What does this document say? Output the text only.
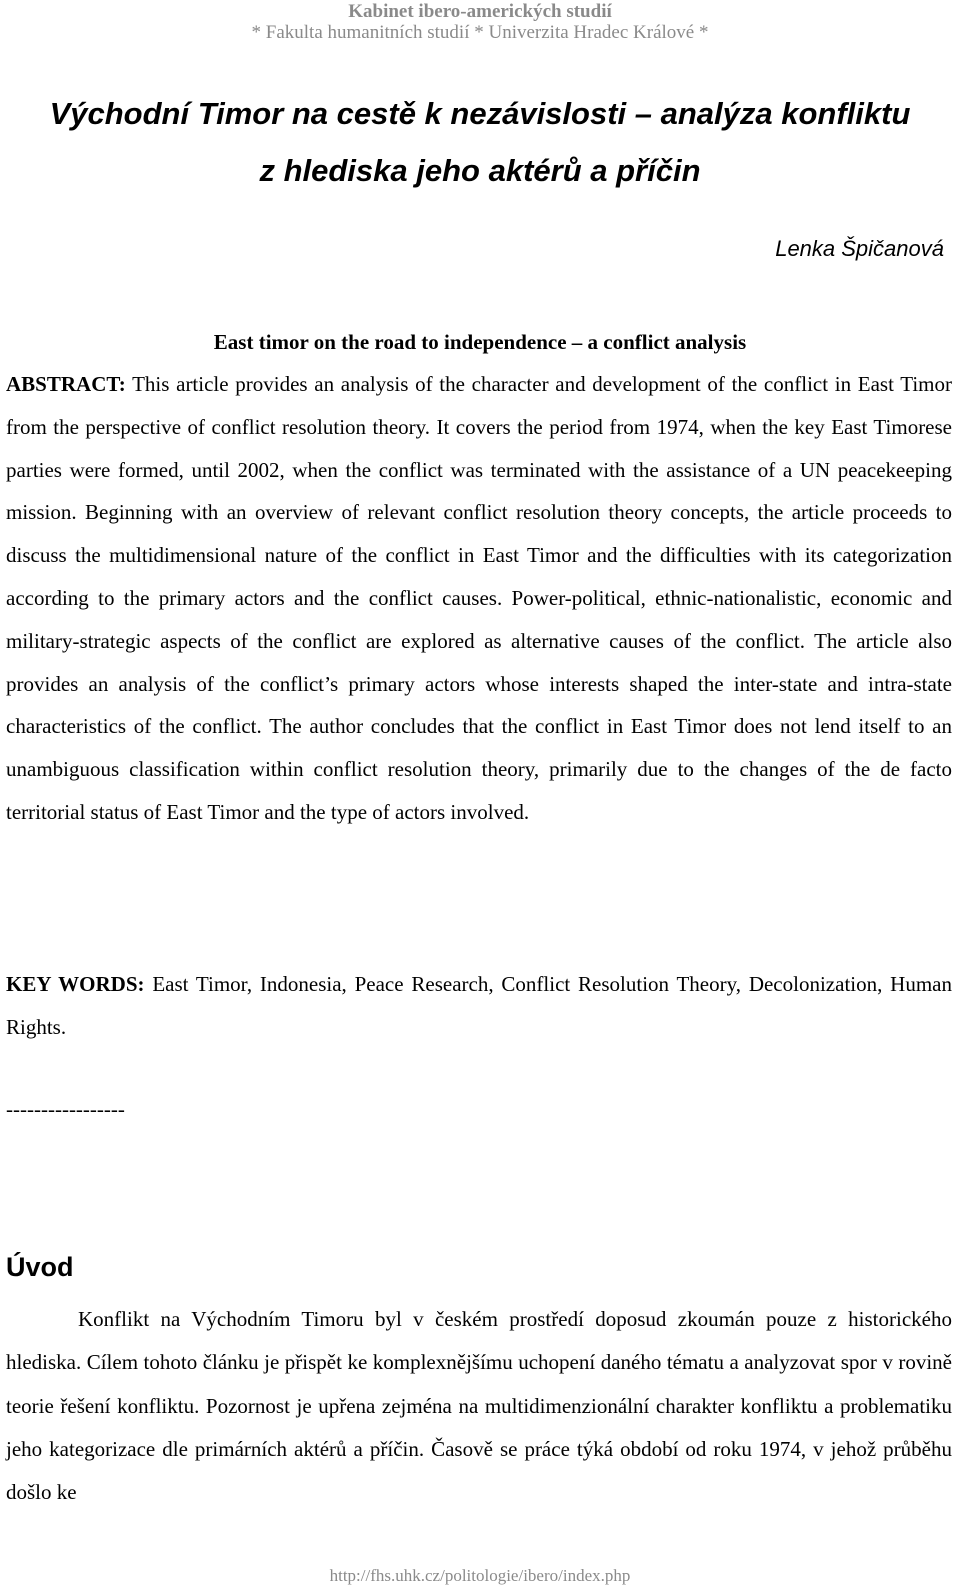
Kabinet ibero-amerických studií
* Fakulta humanitních studií * Univerzita Hradec Králové *
Východní Timor na cestě k nezávislosti – analýza konfliktu
z hlediska jeho aktérů a příčin
Lenka Špičanová
East timor on the road to independence – a conflict analysis
ABSTRACT: This article provides an analysis of the character and development of the conflict in East Timor from the perspective of conflict resolution theory. It covers the period from 1974, when the key East Timorese parties were formed, until 2002, when the conflict was terminated with the assistance of a UN peacekeeping mission. Beginning with an overview of relevant conflict resolution theory concepts, the article proceeds to discuss the multidimensional nature of the conflict in East Timor and the difficulties with its categorization according to the primary actors and the conflict causes. Power-political, ethnic-nationalistic, economic and military-strategic aspects of the conflict are explored as alternative causes of the conflict. The article also provides an analysis of the conflict’s primary actors whose interests shaped the inter-state and intra-state characteristics of the conflict. The author concludes that the conflict in East Timor does not lend itself to an unambiguous classification within conflict resolution theory, primarily due to the changes of the de facto territorial status of East Timor and the type of actors involved.
KEY WORDS: East Timor, Indonesia, Peace Research, Conflict Resolution Theory, Decolonization, Human Rights.
-----------------
Úvod
Konflikt na Východním Timoru byl v českém prostředí doposud zkoumán pouze z historického hlediska. Cílem tohoto článku je přispět ke komplexnějšímu uchopení daného tématu a analyzovat spor v rovině teorie řešení konfliktu. Pozornost je upřena zejména na multidimenzionální charakter konfliktu a problematiku jeho kategorizace dle primárních aktérů a příčin. Časově se práce týká období od roku 1974, v jehož průběhu došlo ke
http://fhs.uhk.cz/politologie/ibero/index.php
